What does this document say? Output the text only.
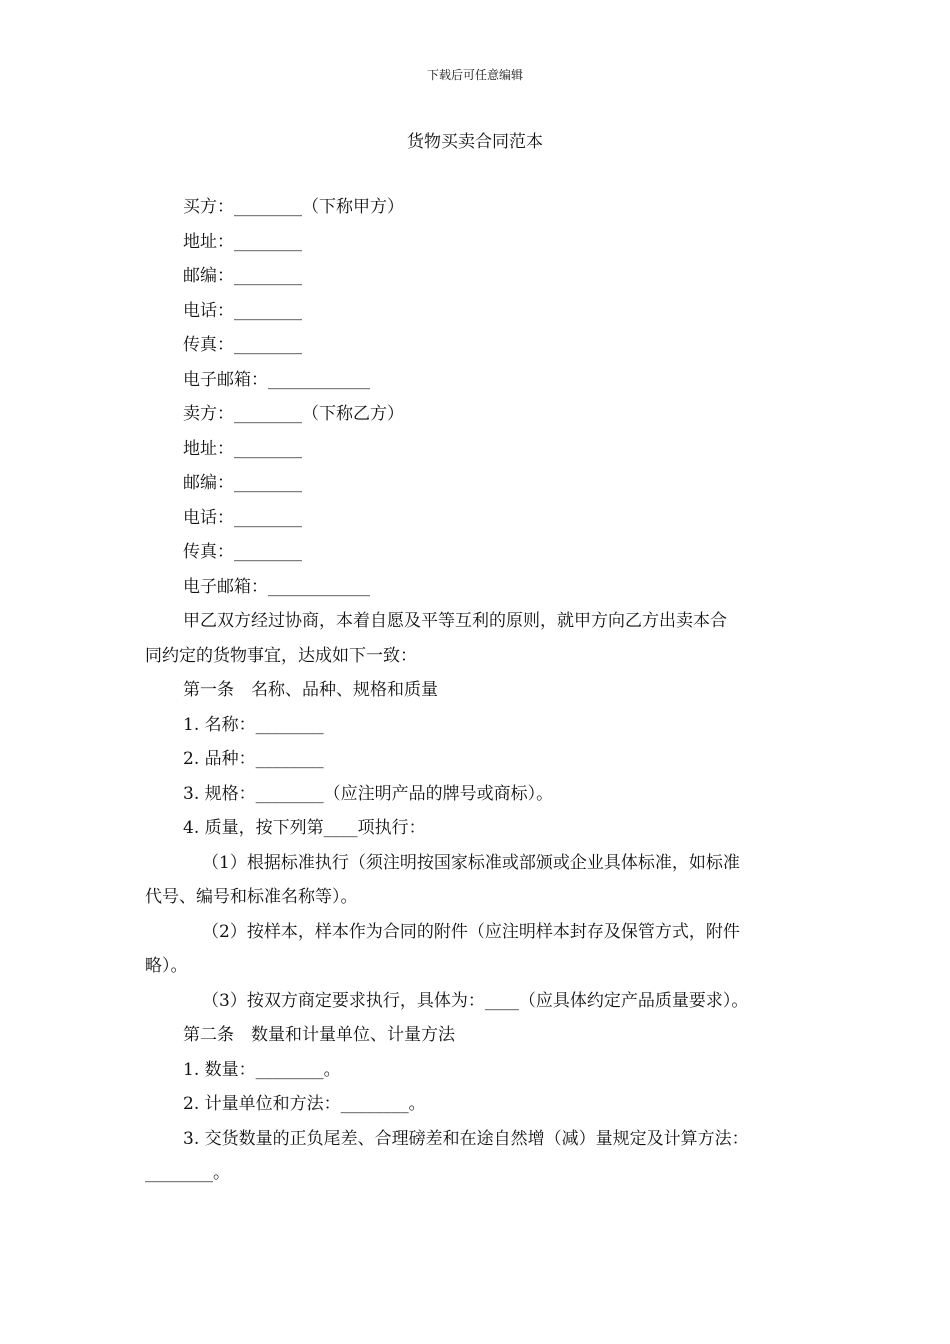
下载后可任意编辑
货物买卖合同范本
买方：________（下称甲方）
地址：________
邮编：________
电话：________
传真：________
电子邮箱：____________
卖方：________（下称乙方）
地址：________
邮编：________
电话：________
传真：________
电子邮箱：____________
甲乙双方经过协商，本着自愿及平等互利的原则，就甲方向乙方出卖本合
同约定的货物事宜，达成如下一致：
第一条　名称、品种、规格和质量
1. 名称：________
2. 品种：________
3. 规格：________（应注明产品的牌号或商标）。
4. 质量，按下列第____项执行：
（1）根据标准执行（须注明按国家标准或部颁或企业具体标准，如标准
代号、编号和标准名称等）。
（2）按样本，样本作为合同的附件（应注明样本封存及保管方式，附件
略）。
（3）按双方商定要求执行，具体为：____（应具体约定产品质量要求）。
第二条　数量和计量单位、计量方法
1. 数量：________。
2. 计量单位和方法：________。
3. 交货数量的正负尾差、合理磅差和在途自然增（减）量规定及计算方法：
________。
